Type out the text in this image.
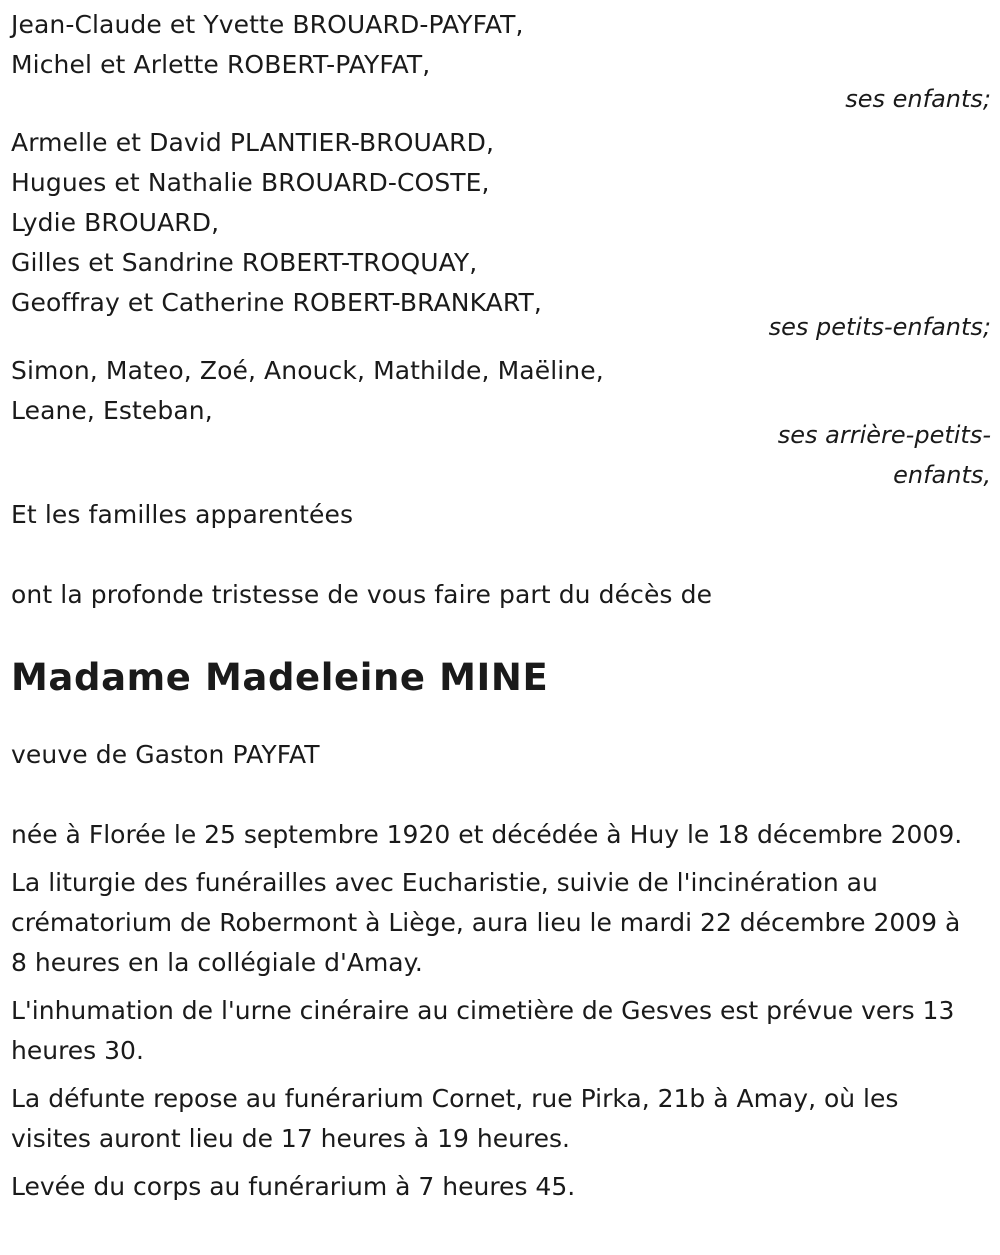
Jean-Claude et Yvette BROUARD-PAYFAT,
Michel et Arlette ROBERT-PAYFAT,
ses enfants;
Armelle et David PLANTIER-BROUARD,
Hugues et Nathalie BROUARD-COSTE,
Lydie BROUARD,
Gilles et Sandrine ROBERT-TROQUAY,
Geoffray et Catherine ROBERT-BRANKART,
ses petits-enfants;
Simon, Mateo, Zoé, Anouck, Mathilde, Maëline,
Leane, Esteban,
ses arrière-petits-
enfants,
Et les familles apparentées
ont la profonde tristesse de vous faire part du décès de
Madame Madeleine MINE
veuve de Gaston PAYFAT
née à Florée le 25 septembre 1920 et décédée à Huy le 18 décembre 2009.
La liturgie des funérailles avec Eucharistie, suivie de l'incinération au crématorium de Robermont à Liège, aura lieu le mardi 22 décembre 2009 à 8 heures en la collégiale d'Amay.
L'inhumation de l'urne cinéraire au cimetière de Gesves est prévue vers 13 heures 30.
La défunte repose au funérarium Cornet, rue Pirka, 21b à Amay, où les visites auront lieu de 17 heures à 19 heures.
Levée du corps au funérarium à 7 heures 45.
